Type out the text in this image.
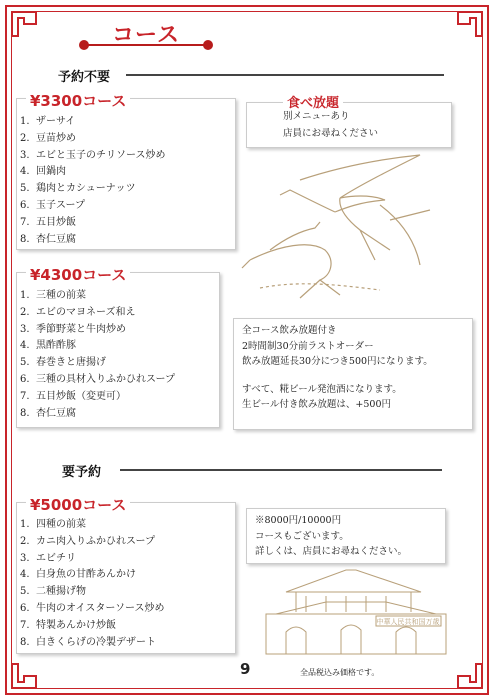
コース
予約不要
¥3300コース
1. ザーサイ
2. 豆苗炒め
3. エビと玉子のチリソース炒め
4. 回鍋肉
5. 鶏肉とカシューナッツ
6. 玉子スープ
7. 五目炒飯
8. 杏仁豆腐
食べ放題
別メニューあり
店員にお尋ねください
¥4300コース
1. 三種の前菜
2. エビのマヨネーズ和え
3. 季節野菜と牛肉炒め
4. 黒酢酢豚
5. 春巻きと唐揚げ
6. 三種の具材入りふかひれスープ
7. 五目炒飯（変更可）
8. 杏仁豆腐
全コース飲み放題付き
2時間制30分前ラストオーダー
飲み放題延長30分につき500円になります。
すべて、糀ビール発泡酒になります。
生ビール付き飲み放題は、+500円
要予約
¥5000コース
1. 四種の前菜
2. カニ肉入りふかひれスープ
3. エビチリ
4. 白身魚の甘酢あんかけ
5. 二種揚げ物
6. 牛肉のオイスターソース炒め
7. 特製あんかけ炒飯
8. 白きくらげの冷製デザート
※8000円/10000円
コースもございます。
詳しくは、店員にお尋ねください。
中華人民共和国万歳
9	全品税込み価格です。
